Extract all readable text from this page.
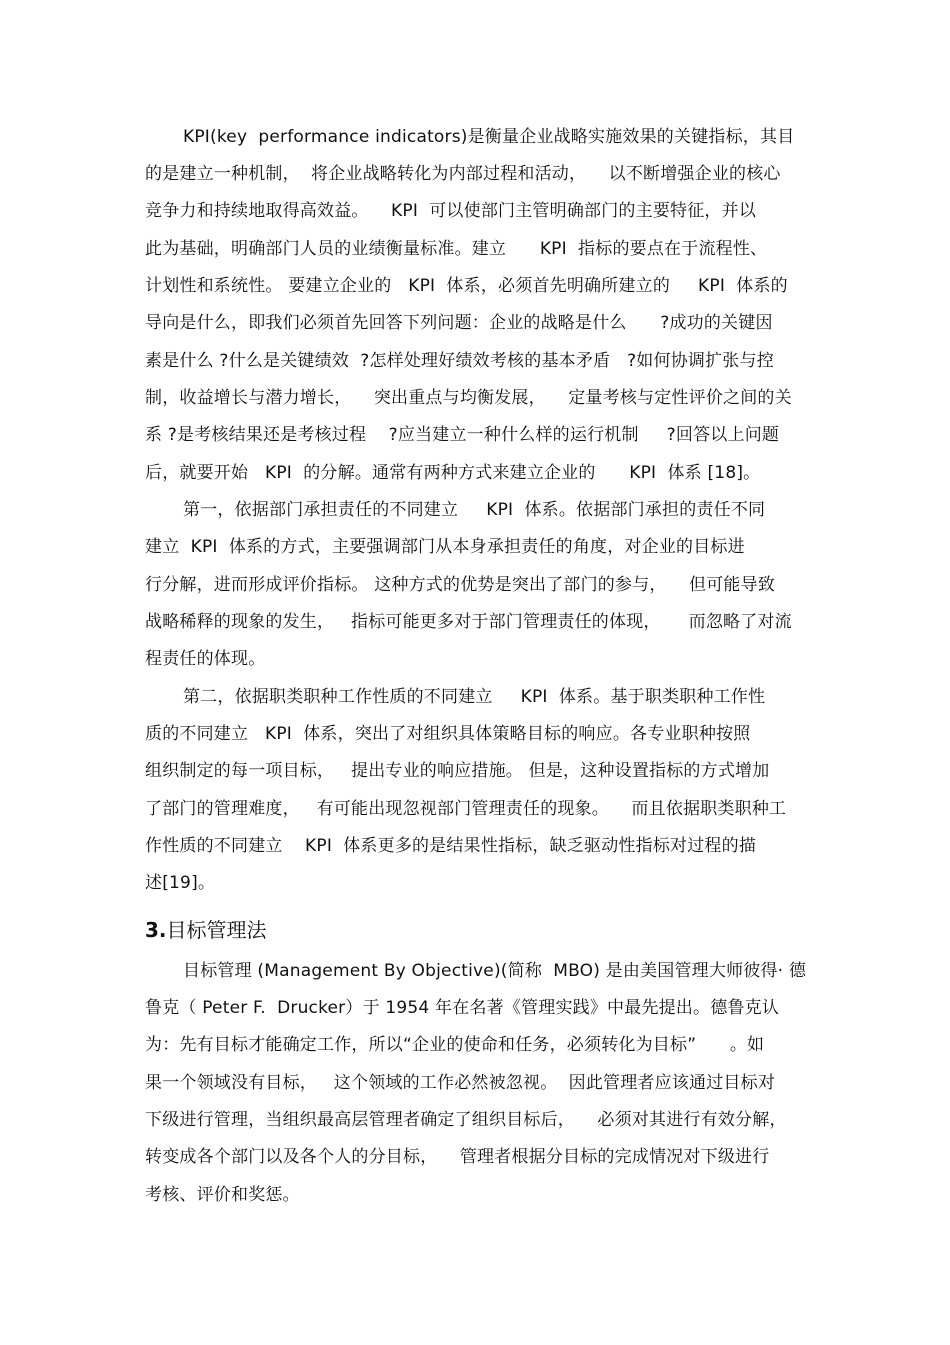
KPI(key  performance indicators)是衡量企业战略实施效果的关键指标，其目
的是建立一种机制，  将企业战略转化为内部过程和活动，    以不断增强企业的核心
竞争力和持续地取得高效益。    KPI  可以使部门主管明确部门的主要特征，并以
此为基础，明确部门人员的业绩衡量标准。建立      KPI  指标的要点在于流程性、
计划性和系统性。 要建立企业的   KPI  体系，必须首先明确所建立的     KPI  体系的
导向是什么，即我们必须首先回答下列问题：企业的战略是什么      ?成功的关键因
素是什么 ?什么是关键绩效  ?怎样处理好绩效考核的基本矛盾   ?如何协调扩张与控
制，收益增长与潜力增长，    突出重点与均衡发展，    定量考核与定性评价之间的关
系 ?是考核结果还是考核过程    ?应当建立一种什么样的运行机制     ?回答以上问题
后，就要开始   KPI  的分解。通常有两种方式来建立企业的      KPI  体系 [18]。
第一，依据部门承担责任的不同建立     KPI  体系。依据部门承担的责任不同
建立  KPI  体系的方式，主要强调部门从本身承担责任的角度，对企业的目标进
行分解，进而形成评价指标。 这种方式的优势是突出了部门的参与，    但可能导致
战略稀释的现象的发生，   指标可能更多对于部门管理责任的体现，     而忽略了对流
程责任的体现。
第二，依据职类职种工作性质的不同建立     KPI  体系。基于职类职种工作性
质的不同建立   KPI  体系，突出了对组织具体策略目标的响应。各专业职种按照
组织制定的每一项目标，   提出专业的响应措施。 但是，这种设置指标的方式增加
了部门的管理难度，   有可能出现忽视部门管理责任的现象。    而且依据职类职种工
作性质的不同建立    KPI  体系更多的是结果性指标，缺乏驱动性指标对过程的描
述[19]。
3.目标管理法
目标管理 (Management By Objective)(简称  MBO) 是由美国管理大师彼得· 德
鲁克（ Peter F.  Drucker）于 1954 年在名著《管理实践》中最先提出。德鲁克认
为：先有目标才能确定工作，所以“企业的使命和任务，必须转化为目标”      。如
果一个领域没有目标，   这个领域的工作必然被忽视。  因此管理者应该通过目标对
下级进行管理，当组织最高层管理者确定了组织目标后，    必须对其进行有效分解，
转变成各个部门以及各个人的分目标，    管理者根据分目标的完成情况对下级进行
考核、评价和奖惩。
